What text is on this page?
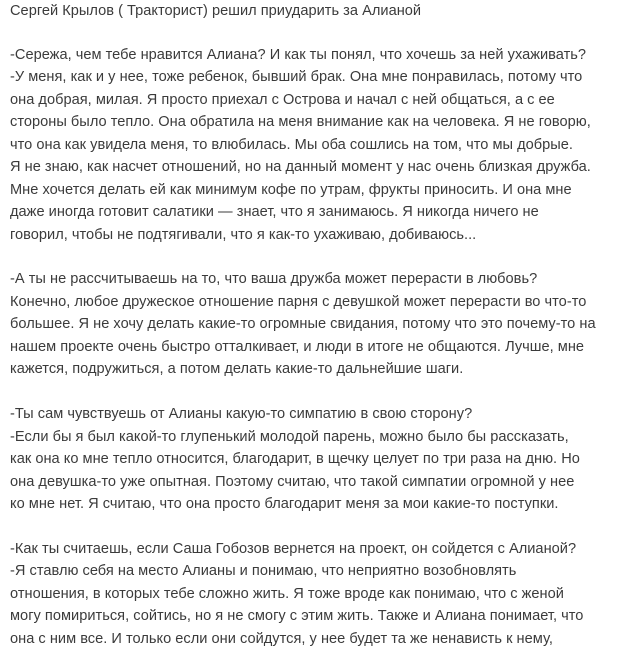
Сергей Крылов ( Тракторист) решил приударить за Алианой
-Сережа, чем тебе нравится Алиана? И как ты понял, что хочешь за ней ухаживать?
-У меня, как и у нее, тоже ребенок, бывший брак. Она мне понравилась, потому что
она добрая, милая. Я просто приехал с Острова и начал с ней общаться, а с ее
стороны было тепло. Она обратила на меня внимание как на человека. Я не говорю,
что она как увидела меня, то влюбилась. Мы оба сошлись на том, что мы добрые.
Я не знаю, как насчет отношений, но на данный момент у нас очень близкая дружба.
Мне хочется делать ей как минимум кофе по утрам, фрукты приносить. И она мне
даже иногда готовит салатики — знает, что я занимаюсь. Я никогда ничего не
говорил, чтобы не подтягивали, что я как-то ухаживаю, добиваюсь...
-А ты не рассчитываешь на то, что ваша дружба может перерасти в любовь?
Конечно, любое дружеское отношение парня с девушкой может перерасти во что-то
большее. Я не хочу делать какие-то огромные свидания, потому что это почему-то на
нашем проекте очень быстро отталкивает, и люди в итоге не общаются. Лучше, мне
кажется, подружиться, а потом делать какие-то дальнейшие шаги.
-Ты сам чувствуешь от Алианы какую-то симпатию в свою сторону?
-Если бы я был какой-то глупенький молодой парень, можно было бы рассказать,
как она ко мне тепло относится, благодарит, в щечку целует по три раза на дню. Но
она девушка-то уже опытная. Поэтому считаю, что такой симпатии огромной у нее
ко мне нет. Я считаю, что она просто благодарит меня за мои какие-то поступки.
-Как ты считаешь, если Саша Гобозов вернется на проект, он сойдется с Алианой?
-Я ставлю себя на место Алианы и понимаю, что неприятно возобновлять
отношения, в которых тебе сложно жить. Я тоже вроде как понимаю, что с женой
могу помириться, сойтись, но я не смогу с этим жить. Также и Алиана понимает, что
она с ним все. И только если они сойдутся, у нее будет та же ненависть к нему,
